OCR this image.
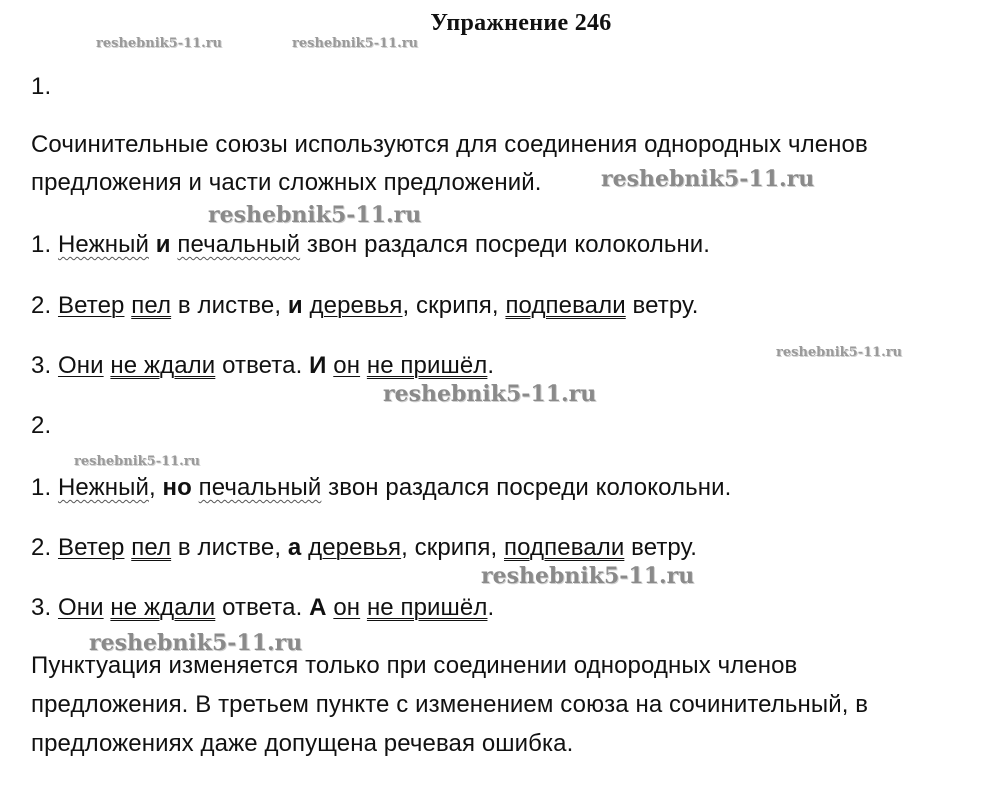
Упражнение 246
reshebnik5-11.ru	reshebnik5-11.ru
reshebnik5-11.ru
reshebnik5-11.ru
reshebnik5-11.ru
reshebnik5-11.ru
reshebnik5-11.ru
reshebnik5-11.ru
reshebnik5-11.ru
1.
Сочинительные союзы используются для соединения однородных членов
предложения и части сложных предложений.
1. Нежный и печальный звон раздался посреди колокольни.
2. Ветер пел в листве, и деревья, скрипя, подпевали ветру.
3. Они не ждали ответа. И он не пришёл.
2.
1. Нежный, но печальный звон раздался посреди колокольни.
2. Ветер пел в листве, а деревья, скрипя, подпевали ветру.
3. Они не ждали ответа. А он не пришёл.
Пунктуация изменяется только при соединении однородных членов
предложения. В третьем пункте с изменением союза на сочинительный, в
предложениях даже допущена речевая ошибка.
